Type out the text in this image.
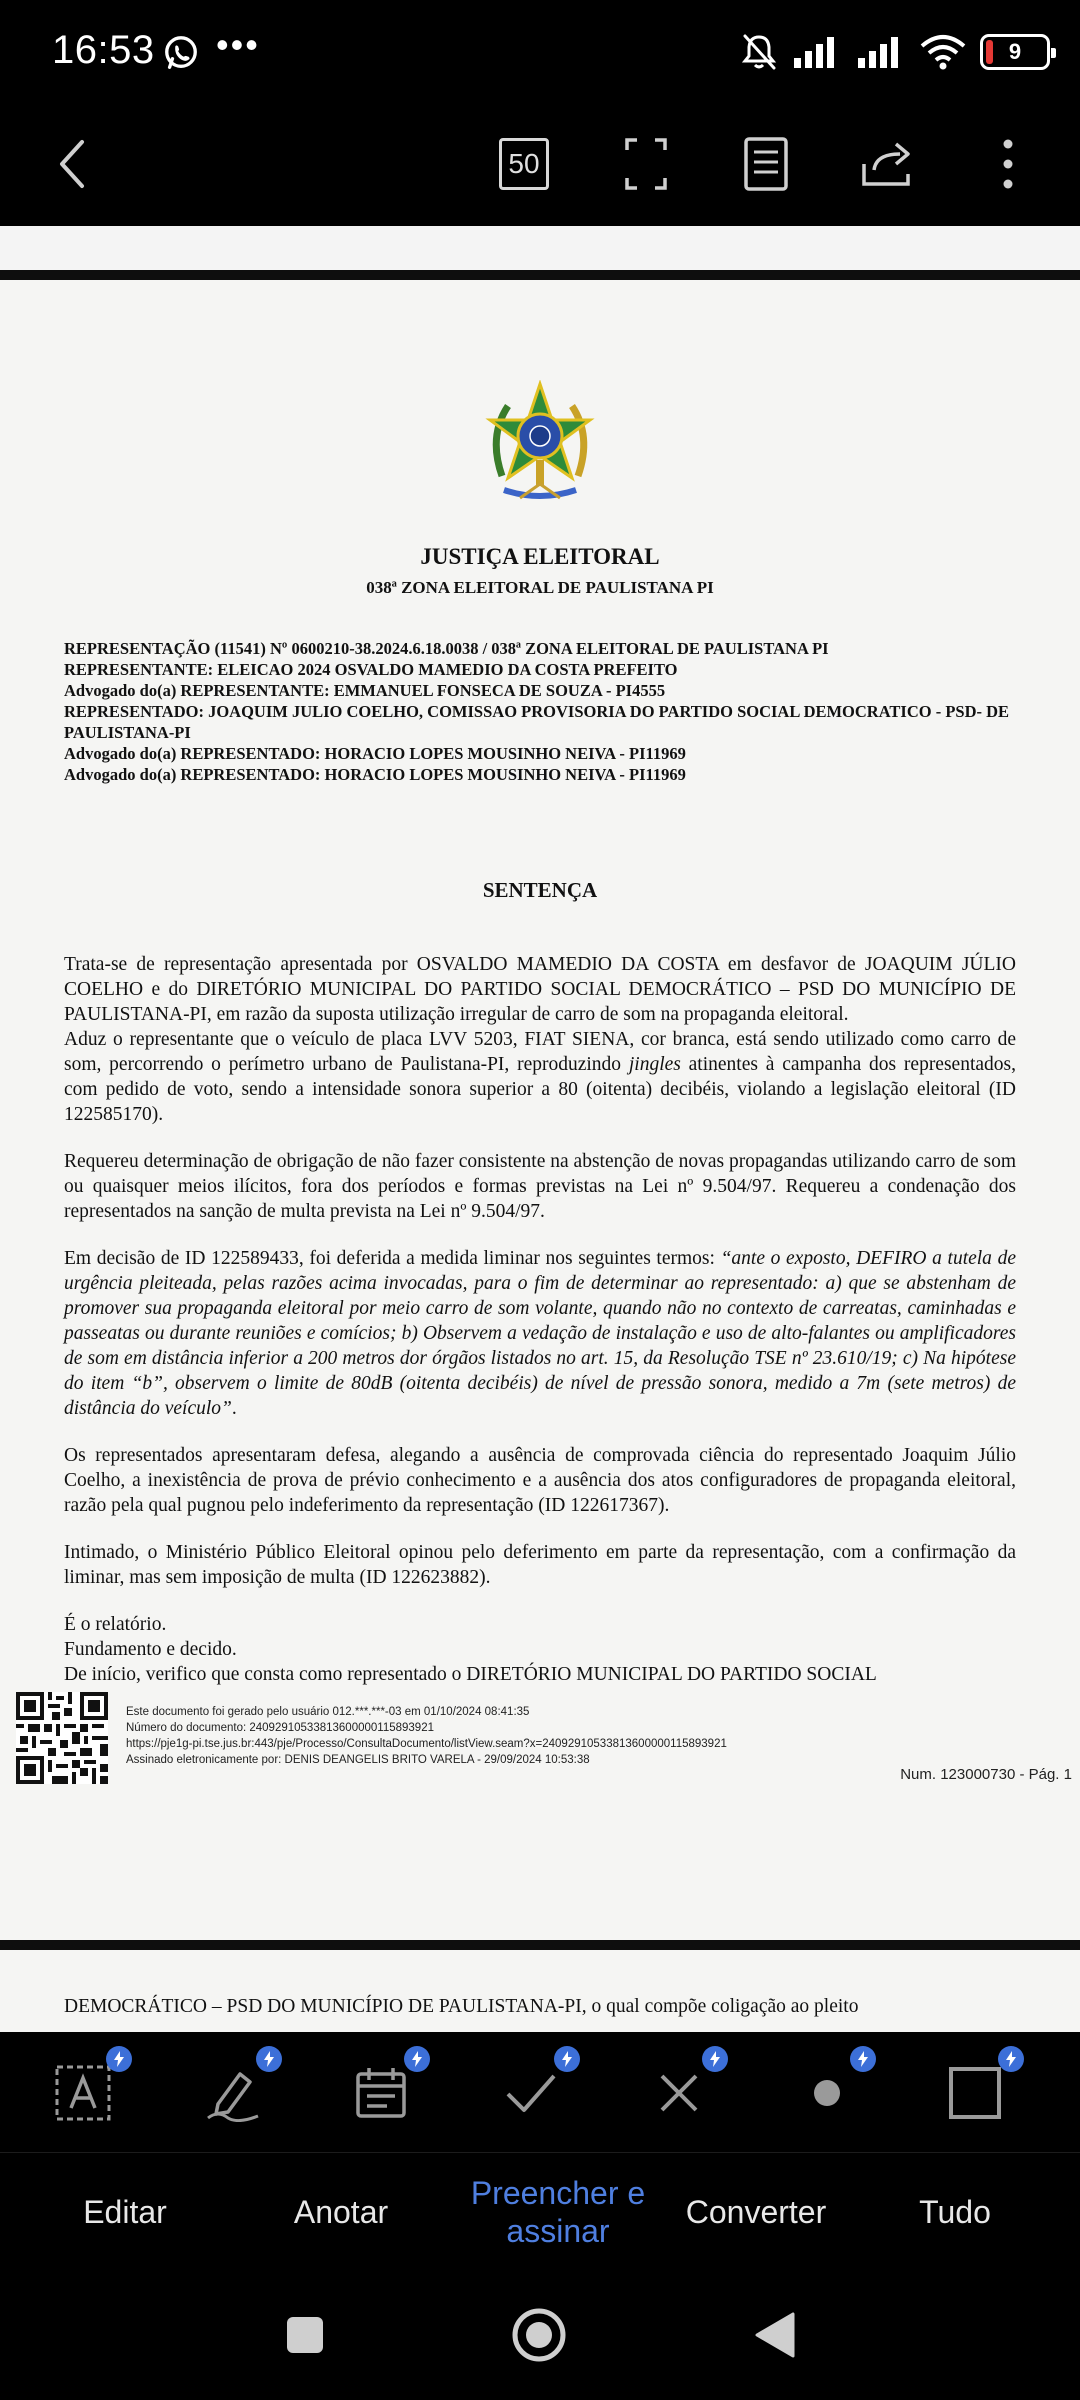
16:53 •••	9
50
JUSTIÇA ELEITORAL
038ª ZONA ELEITORAL DE PAULISTANA PI
REPRESENTAÇÃO (11541) Nº 0600210-38.2024.6.18.0038 / 038ª ZONA ELEITORAL DE PAULISTANA PI
REPRESENTANTE: ELEICAO 2024 OSVALDO MAMEDIO DA COSTA PREFEITO
Advogado do(a) REPRESENTANTE: EMMANUEL FONSECA DE SOUZA - PI4555
REPRESENTADO: JOAQUIM JULIO COELHO, COMISSAO PROVISORIA DO PARTIDO SOCIAL DEMOCRATICO - PSD- DE PAULISTANA-PI
Advogado do(a) REPRESENTADO: HORACIO LOPES MOUSINHO NEIVA - PI11969
Advogado do(a) REPRESENTADO: HORACIO LOPES MOUSINHO NEIVA - PI11969
SENTENÇA

Trata-se de representação apresentada por OSVALDO MAMEDIO DA COSTA em desfavor de JOAQUIM JÚLIO COELHO e do DIRETÓRIO MUNICIPAL DO PARTIDO SOCIAL DEMOCRÁTICO – PSD DO MUNICÍPIO DE PAULISTANA-PI, em razão da suposta utilização irregular de carro de som na propaganda eleitoral.

Aduz o representante que o veículo de placa LVV 5203, FIAT SIENA, cor branca, está sendo utilizado como carro de som, percorrendo o perímetro urbano de Paulistana-PI, reproduzindo jingles atinentes à campanha dos representados, com pedido de voto, sendo a intensidade sonora superior a 80 (oitenta) decibéis, violando a legislação eleitoral (ID 122585170).

Requereu determinação de obrigação de não fazer consistente na abstenção de novas propagandas utilizando carro de som ou quaisquer meios ilícitos, fora dos períodos e formas previstas na Lei nº 9.504/97. Requereu a condenação dos representados na sanção de multa prevista na Lei nº 9.504/97.

Em decisão de ID 122589433, foi deferida a medida liminar nos seguintes termos: “ante o exposto, DEFIRO a tutela de urgência pleiteada, pelas razões acima invocadas, para o fim de determinar ao representado: a) que se abstenham de promover sua propaganda eleitoral por meio carro de som volante, quando não no contexto de carreatas, caminhadas e passeatas ou durante reuniões e comícios; b) Observem a vedação de instalação e uso de alto-falantes ou amplificadores de som em distância inferior a 200 metros dor órgãos listados no art. 15, da Resolução TSE nº 23.610/19; c) Na hipótese do item “b”, observem o limite de 80dB (oitenta decibéis) de nível de pressão sonora, medido a 7m (sete metros) de distância do veículo”.

Os representados apresentaram defesa, alegando a ausência de comprovada ciência do representado Joaquim Júlio Coelho, a inexistência de prova de prévio conhecimento e a ausência dos atos configuradores de propaganda eleitoral, razão pela qual pugnou pelo indeferimento da representação (ID 122617367).

Intimado, o Ministério Público Eleitoral opinou pelo deferimento em parte da representação, com a confirmação da liminar, mas sem imposição de multa (ID 122623882).

É o relatório.

Fundamento e decido.

De início, verifico que consta como representado o DIRETÓRIO MUNICIPAL DO PARTIDO SOCIAL

Este documento foi gerado pelo usuário 012.***.***-03 em 01/10/2024 08:41:35
Número do documento: 24092910533813600000115893921
https://pje1g-pi.tse.jus.br:443/pje/Processo/ConsultaDocumento/listView.seam?x=24092910533813600000115893921
Assinado eletronicamente por: DENIS DEANGELIS BRITO VARELA - 29/09/2024 10:53:38
Num. 123000730 - Pág. 1
DEMOCRÁTICO – PSD DO MUNICÍPIO DE PAULISTANA-PI, o qual compõe coligação ao pleito
Editar	Anotar
Preencher e
assinar
Converter	Tudo
